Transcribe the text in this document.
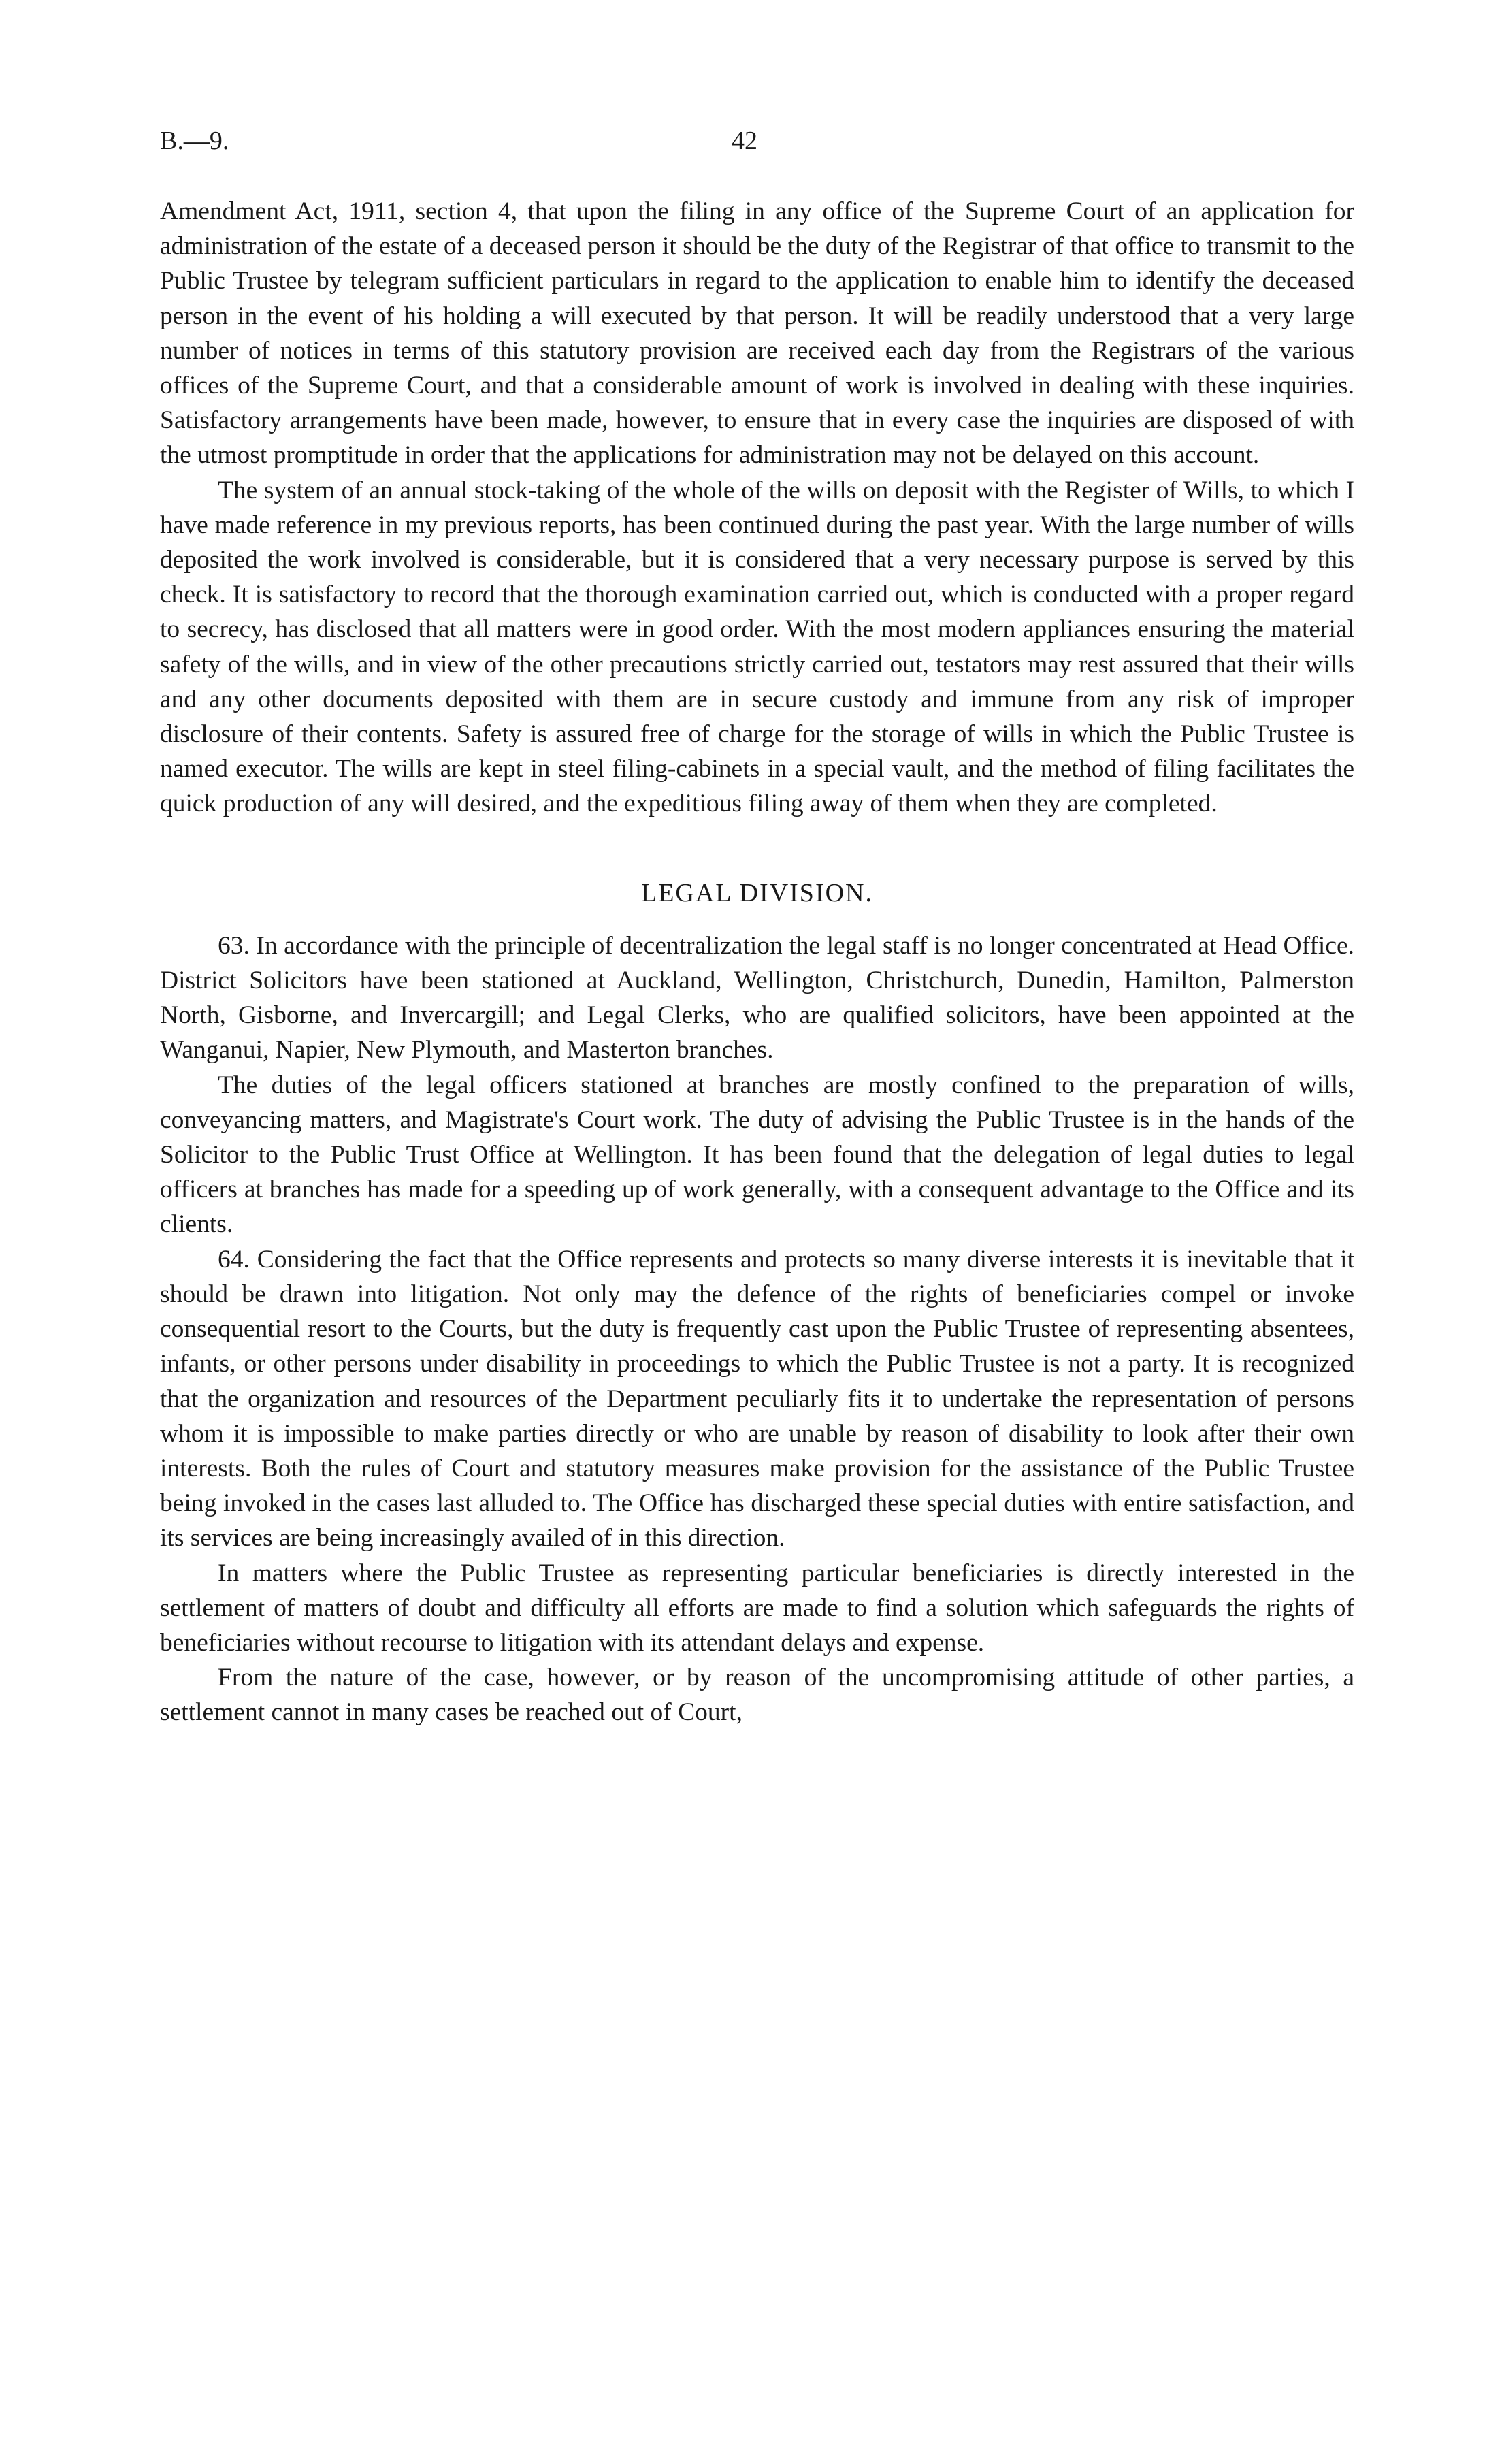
B.—9.	42

Amendment Act, 1911, section 4, that upon the filing in any office of the Supreme Court of an application for administration of the estate of a deceased person it should be the duty of the Registrar of that office to transmit to the Public Trustee by telegram sufficient particulars in regard to the application to enable him to identify the deceased person in the event of his holding a will executed by that person. It will be readily understood that a very large number of notices in terms of this statutory provision are received each day from the Registrars of the various offices of the Supreme Court, and that a considerable amount of work is involved in dealing with these inquiries. Satisfactory arrangements have been made, however, to ensure that in every case the inquiries are disposed of with the utmost promptitude in order that the applications for administration may not be delayed on this account.

The system of an annual stock-taking of the whole of the wills on deposit with the Register of Wills, to which I have made reference in my previous reports, has been continued during the past year. With the large number of wills deposited the work involved is considerable, but it is considered that a very necessary purpose is served by this check. It is satisfactory to record that the thorough examination carried out, which is conducted with a proper regard to secrecy, has disclosed that all matters were in good order. With the most modern appliances ensuring the material safety of the wills, and in view of the other precautions strictly carried out, testators may rest assured that their wills and any other documents deposited with them are in secure custody and immune from any risk of improper disclosure of their contents. Safety is assured free of charge for the storage of wills in which the Public Trustee is named executor. The wills are kept in steel filing-cabinets in a special vault, and the method of filing facilitates the quick production of any will desired, and the expeditious filing away of them when they are completed.

LEGAL DIVISION.

63. In accordance with the principle of decentralization the legal staff is no longer concentrated at Head Office. District Solicitors have been stationed at Auckland, Wellington, Christchurch, Dunedin, Hamilton, Palmerston North, Gisborne, and Invercargill; and Legal Clerks, who are qualified solicitors, have been appointed at the Wanganui, Napier, New Plymouth, and Masterton branches.

The duties of the legal officers stationed at branches are mostly confined to the preparation of wills, conveyancing matters, and Magistrate's Court work. The duty of advising the Public Trustee is in the hands of the Solicitor to the Public Trust Office at Wellington. It has been found that the delegation of legal duties to legal officers at branches has made for a speeding up of work generally, with a consequent advantage to the Office and its clients.

64. Considering the fact that the Office represents and protects so many diverse interests it is inevitable that it should be drawn into litigation. Not only may the defence of the rights of beneficiaries compel or invoke consequential resort to the Courts, but the duty is frequently cast upon the Public Trustee of representing absentees, infants, or other persons under disability in proceedings to which the Public Trustee is not a party. It is recognized that the organization and resources of the Department peculiarly fits it to undertake the representation of persons whom it is impossible to make parties directly or who are unable by reason of disability to look after their own interests. Both the rules of Court and statutory measures make provision for the assistance of the Public Trustee being invoked in the cases last alluded to. The Office has discharged these special duties with entire satisfaction, and its services are being increasingly availed of in this direction.

In matters where the Public Trustee as representing particular beneficiaries is directly interested in the settlement of matters of doubt and difficulty all efforts are made to find a solution which safeguards the rights of beneficiaries without recourse to litigation with its attendant delays and expense.

From the nature of the case, however, or by reason of the uncompromising attitude of other parties, a settlement cannot in many cases be reached out of Court,
